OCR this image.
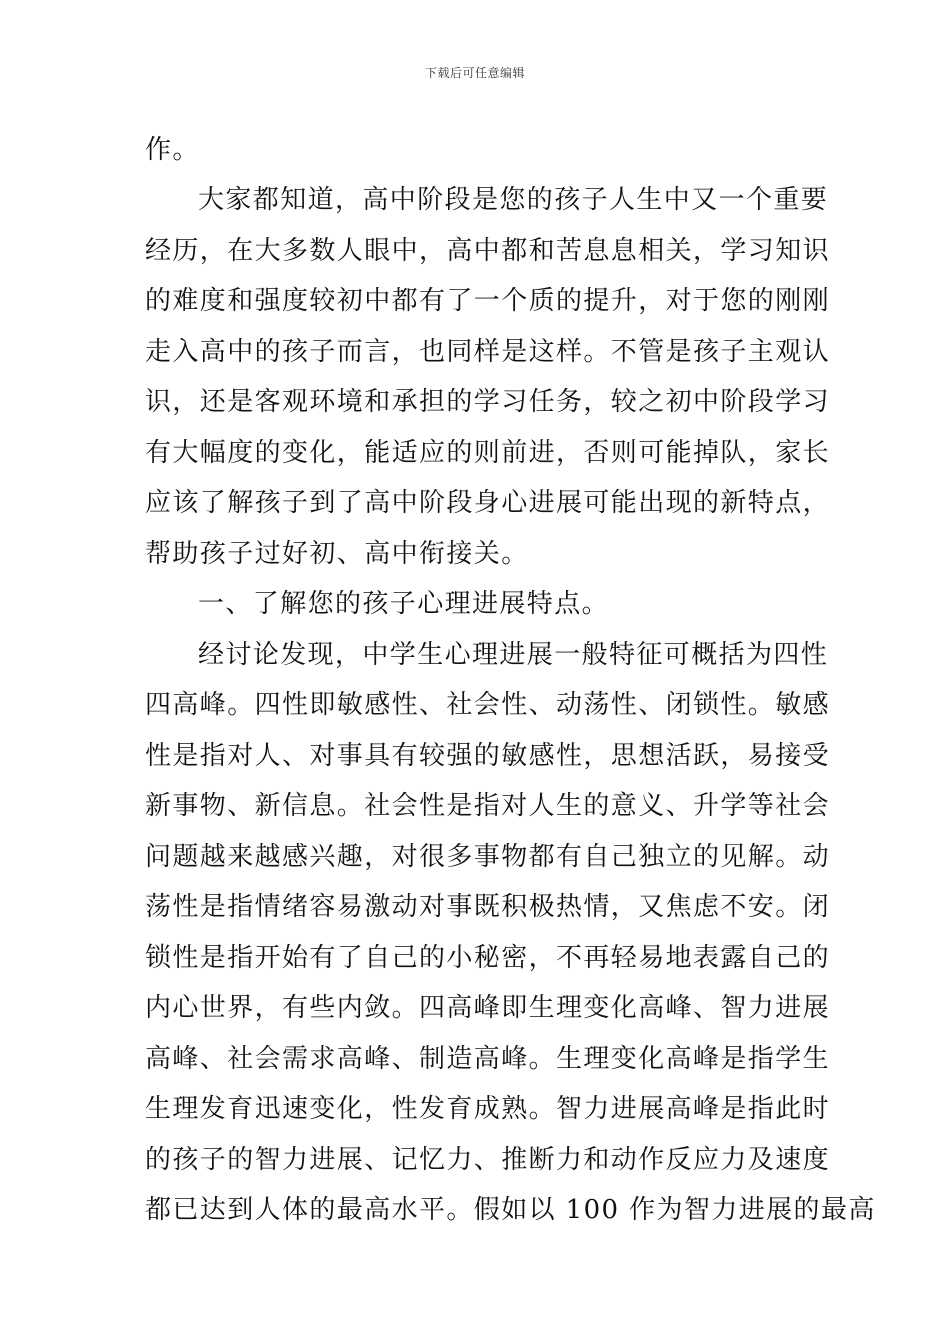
下载后可任意编辑
作。
大家都知道，高中阶段是您的孩子人生中又一个重要
经历，在大多数人眼中，高中都和苦息息相关，学习知识
的难度和强度较初中都有了一个质的提升，对于您的刚刚
走入高中的孩子而言，也同样是这样。不管是孩子主观认
识，还是客观环境和承担的学习任务，较之初中阶段学习
有大幅度的变化，能适应的则前进，否则可能掉队，家长
应该了解孩子到了高中阶段身心进展可能出现的新特点，
帮助孩子过好初、高中衔接关。
一、了解您的孩子心理进展特点。
经讨论发现，中学生心理进展一般特征可概括为四性
四高峰。四性即敏感性、社会性、动荡性、闭锁性。敏感
性是指对人、对事具有较强的敏感性，思想活跃，易接受
新事物、新信息。社会性是指对人生的意义、升学等社会
问题越来越感兴趣，对很多事物都有自己独立的见解。动
荡性是指情绪容易激动对事既积极热情，又焦虑不安。闭
锁性是指开始有了自己的小秘密，不再轻易地表露自己的
内心世界，有些内敛。四高峰即生理变化高峰、智力进展
高峰、社会需求高峰、制造高峰。生理变化高峰是指学生
生理发育迅速变化，性发育成熟。智力进展高峰是指此时
的孩子的智力进展、记忆力、推断力和动作反应力及速度
都已达到人体的最高水平。假如以 100 作为智力进展的最高
